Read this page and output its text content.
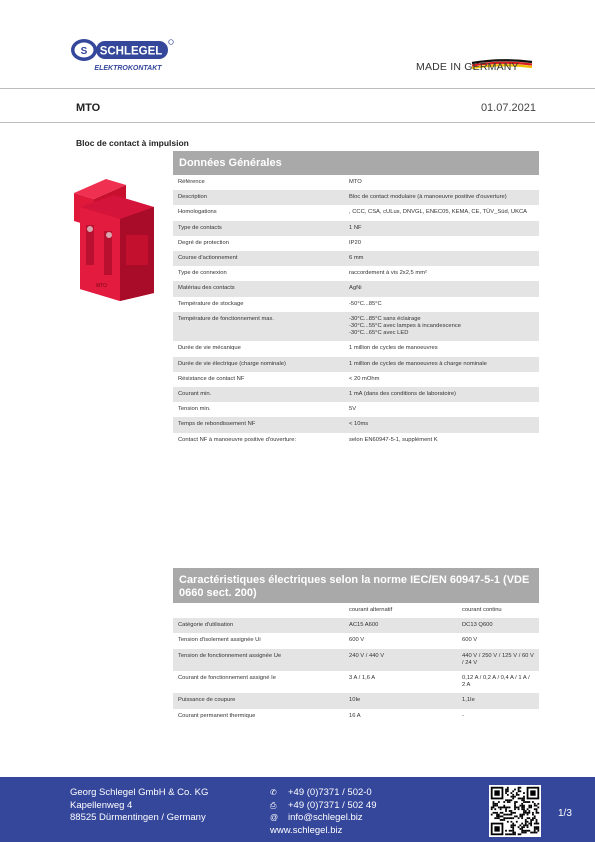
S SCHLEGEL
ELEKTROKONTAKT	MADE IN GERMANY
MTO	01.07.2021
Bloc de contact à impulsion
MTO
Données Générales
Référence	MTO
Description	Bloc de contact modulaire (à manoeuvre positive d'ouverture)
Homologations	, CCC, CSA, cULus, DNVGL, ENEC05, KEMA, CE, TÜV_Süd, UKCA
Type de contacts	1 NF
Degré de protection	IP20
Course d'actionnement	6 mm
Type de connexion	raccordement à vis 2x2,5 mm²
Matériau des contacts	AgNi
Température de stockage	-50°C...85°C
Température de fonctionnement max.	-30°C...85°C sans éclairage
-30°C...55°C avec lampes à incandescence
-30°C...65°C avec LED
Durée de vie mécanique	1 million de cycles de manoeuvres
Durée de vie électrique (charge nominale)	1 million de cycles de manoeuvres à charge nominale
Résistance de contact NF	< 20 mOhm
Courant min.	1 mA (dans des conditions de laboratoire)
Tension min.	5V
Temps de rebondissement NF	< 10ms
Contact NF à manoeuvre positive d'ouverture:	selon EN60947-5-1, supplément K
Caractéristiques électriques selon la norme IEC/EN 60947-5-1 (VDE 0660 sect. 200)
	courant alternatif	courant continu
Catégorie d'utilisation	AC15 A600	DC13 Q600
Tension d'isolement assignée Ui	600 V	600 V
Tension de fonctionnement assignée Ue	240 V / 440 V	440 V / 250 V / 125 V / 60 V / 24 V
Courant de fonctionnement assigné Ie	3 A / 1,6 A	0,12 A / 0,2 A / 0,4 A / 1 A / 2 A
Puissance de coupure	10Ie	1,1Ie
Courant permanent thermique	16 A	-
Georg Schlegel GmbH & Co. KG
Kapellenweg 4
88525 Dürmentingen / Germany
✆	+49 (0)7371 / 502-0
⎙	+49 (0)7371 / 502 49
@	info@schlegel.biz
www.schlegel.biz
1/3
